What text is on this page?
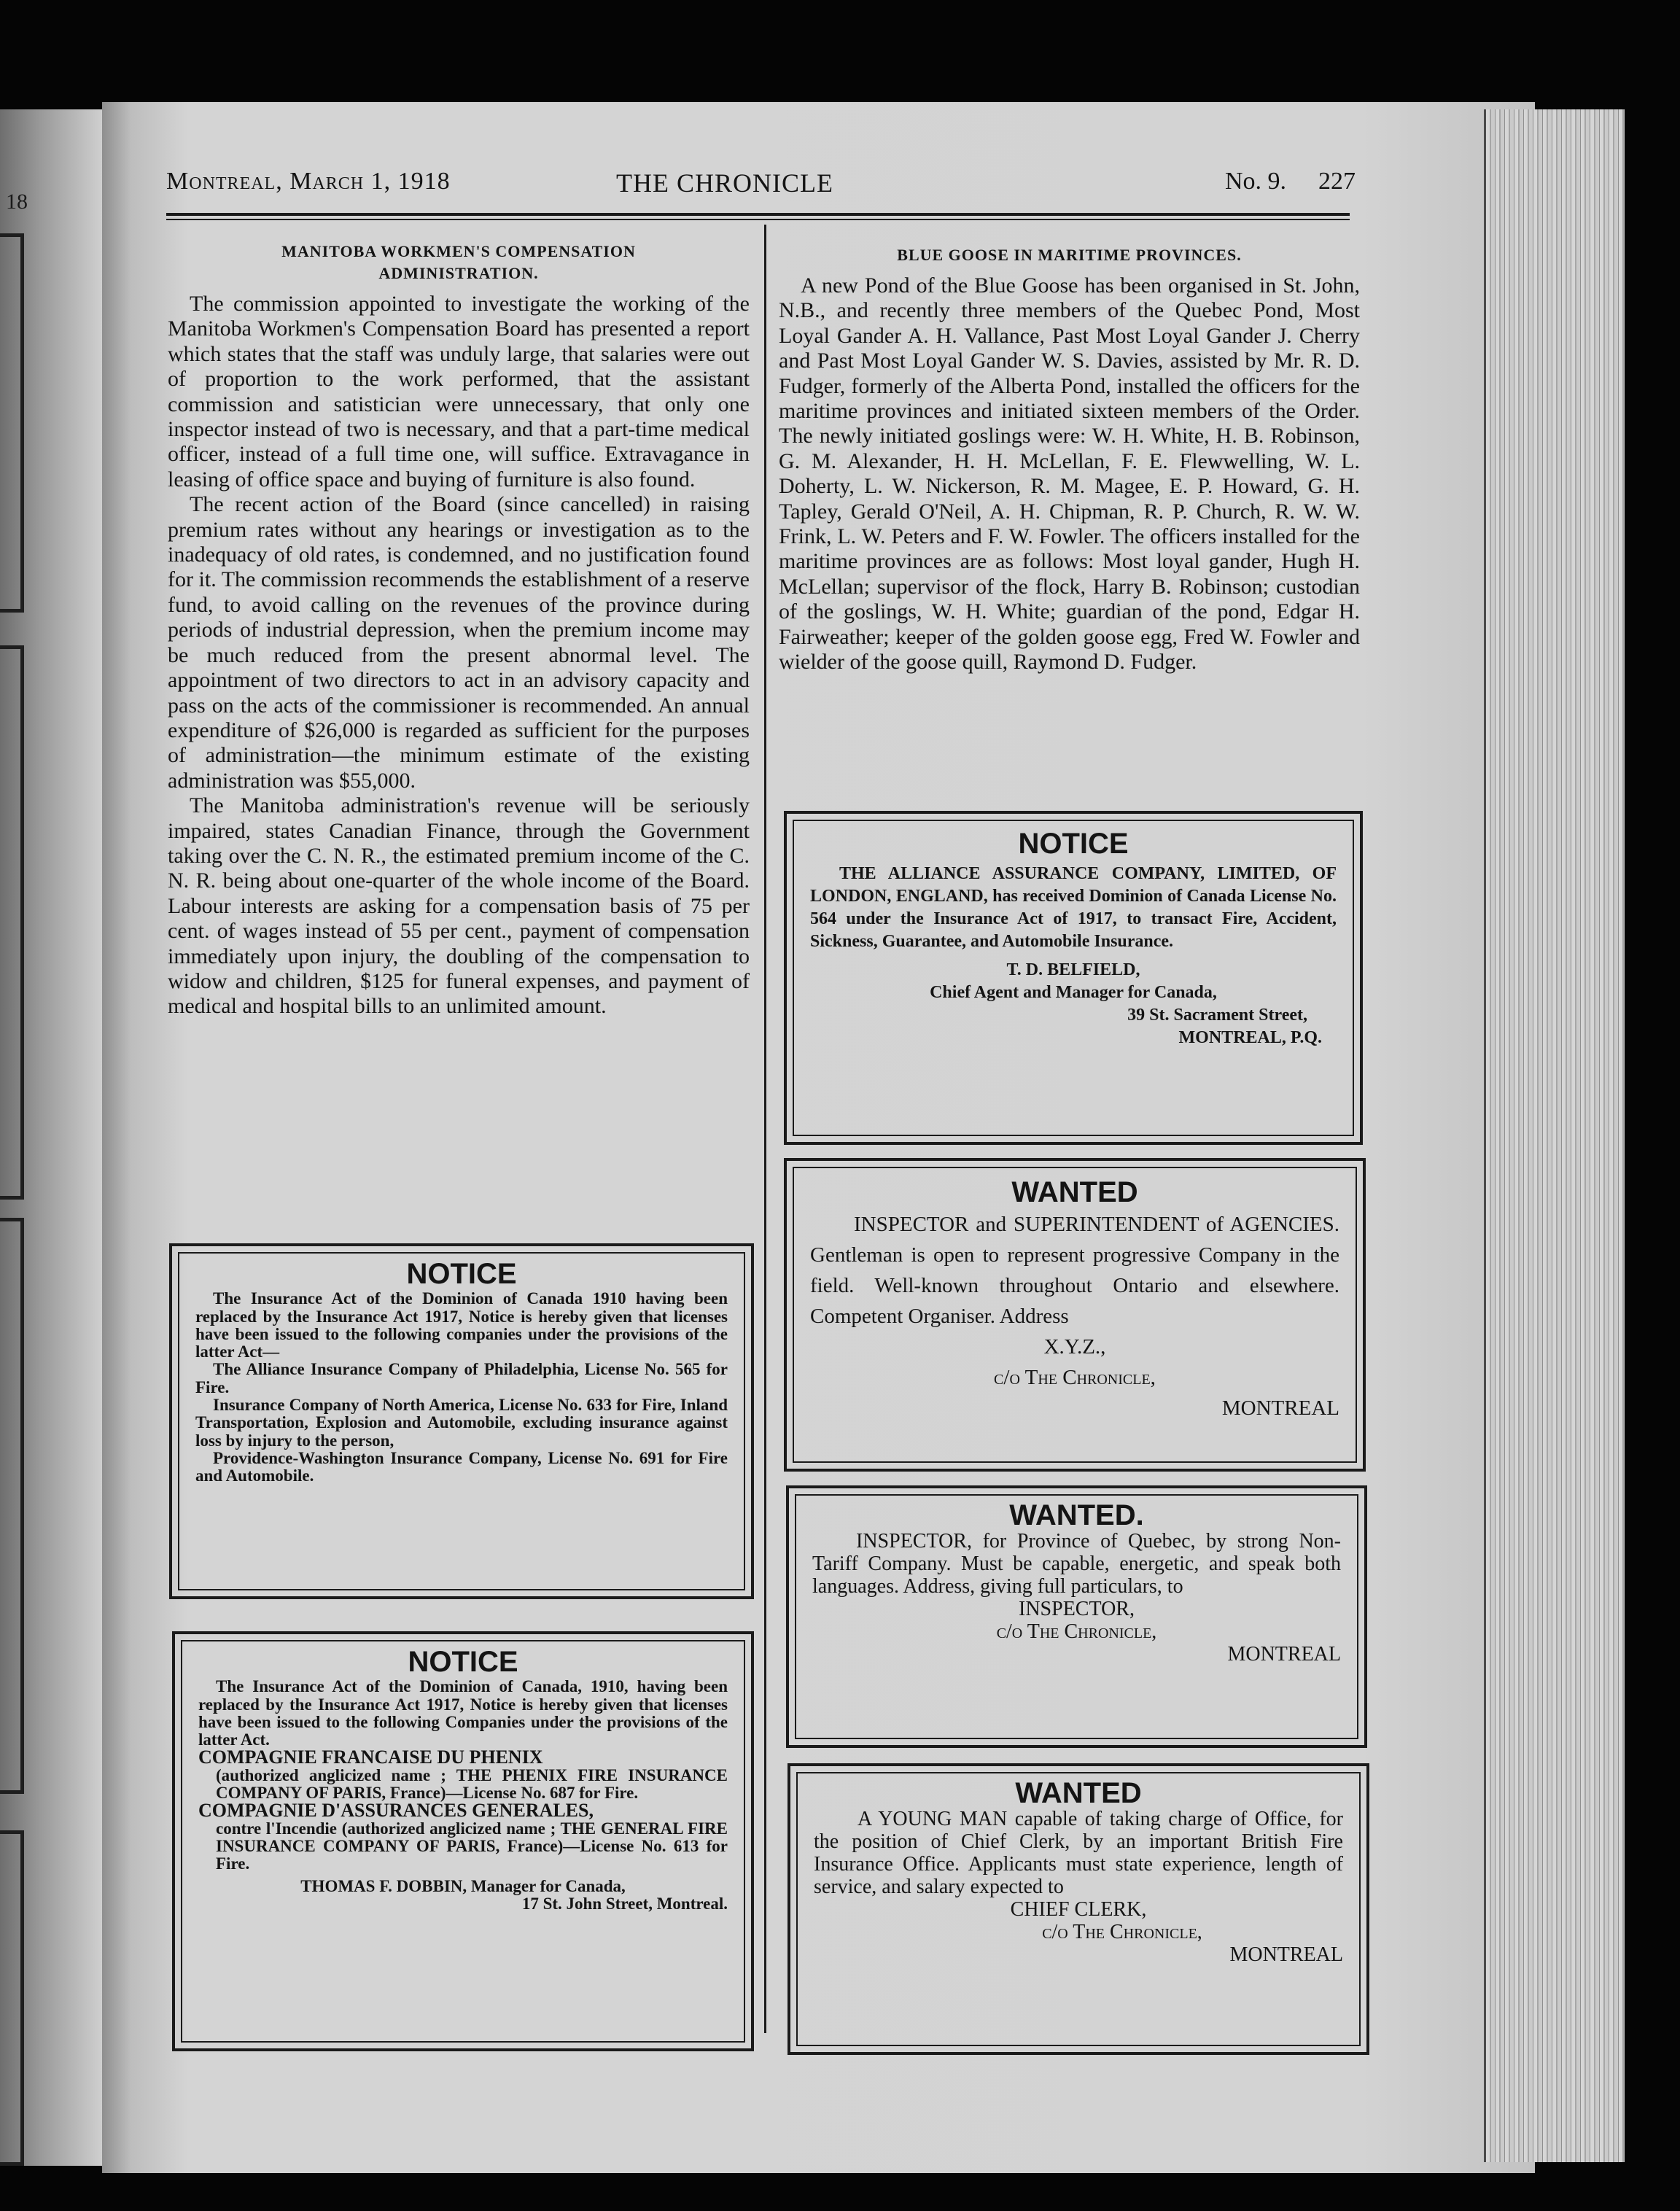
18
Montreal, March 1, 1918	THE CHRONICLE	No. 9. 227
MANITOBA WORKMEN'S COMPENSATION ADMINISTRATION.

The commission appointed to investigate the working of the Manitoba Workmen's Compensation Board has presented a report which states that the staff was unduly large, that salaries were out of proportion to the work performed, that the assistant commission and satistician were unnecessary, that only one inspector instead of two is necessary, and that a part-time medical officer, instead of a full time one, will suffice. Extravagance in leasing of office space and buying of furniture is also found.

The recent action of the Board (since cancelled) in raising premium rates without any hearings or investigation as to the inadequacy of old rates, is condemned, and no justification found for it. The commission recommends the establishment of a reserve fund, to avoid calling on the revenues of the province during periods of industrial depression, when the premium income may be much reduced from the present abnormal level. The appointment of two directors to act in an advisory capacity and pass on the acts of the commissioner is recommended. An annual expenditure of $26,000 is regarded as sufficient for the purposes of administration—the minimum estimate of the existing administration was $55,000.

The Manitoba administration's revenue will be seriously impaired, states Canadian Finance, through the Government taking over the C. N. R., the estimated premium income of the C. N. R. being about one-quarter of the whole income of the Board. Labour interests are asking for a compensation basis of 75 per cent. of wages instead of 55 per cent., payment of compensation immediately upon injury, the doubling of the compensation to widow and children, $125 for funeral expenses, and payment of medical and hospital bills to an unlimited amount.

NOTICE

The Insurance Act of the Dominion of Canada 1910 having been replaced by the Insurance Act 1917, Notice is hereby given that licenses have been issued to the following companies under the provisions of the latter Act—

The Alliance Insurance Company of Philadelphia, License No. 565 for Fire.

Insurance Company of North America, License No. 633 for Fire, Inland Transportation, Explosion and Automobile, excluding insurance against loss by injury to the person,

Providence-Washington Insurance Company, License No. 691 for Fire and Automobile.

NOTICE

The Insurance Act of the Dominion of Canada, 1910, having been replaced by the Insurance Act 1917, Notice is hereby given that licenses have been issued to the following Companies under the provisions of the latter Act.

COMPAGNIE FRANCAISE DU PHENIX

(authorized anglicized name ; THE PHENIX FIRE INSURANCE COMPANY OF PARIS, France)—License No. 687 for Fire.

COMPAGNIE D'ASSURANCES GENERALES,

contre l'Incendie (authorized anglicized name ; THE GENERAL FIRE INSURANCE COMPANY OF PARIS, France)—License No. 613 for Fire.

THOMAS F. DOBBIN, Manager for Canada,

17 St. John Street, Montreal.

BLUE GOOSE IN MARITIME PROVINCES.

A new Pond of the Blue Goose has been organised in St. John, N.B., and recently three members of the Quebec Pond, Most Loyal Gander A. H. Vallance, Past Most Loyal Gander J. Cherry and Past Most Loyal Gander W. S. Davies, assisted by Mr. R. D. Fudger, formerly of the Alberta Pond, installed the officers for the maritime provinces and initiated sixteen members of the Order. The newly initiated goslings were: W. H. White, H. B. Robinson, G. M. Alexander, H. H. McLellan, F. E. Flewwelling, W. L. Doherty, L. W. Nickerson, R. M. Magee, E. P. Howard, G. H. Tapley, Gerald O'Neil, A. H. Chipman, R. P. Church, R. W. W. Frink, L. W. Peters and F. W. Fowler. The officers installed for the maritime provinces are as follows: Most loyal gander, Hugh H. McLellan; supervisor of the flock, Harry B. Robinson; custodian of the goslings, W. H. White; guardian of the pond, Edgar H. Fairweather; keeper of the golden goose egg, Fred W. Fowler and wielder of the goose quill, Raymond D. Fudger.

NOTICE

THE ALLIANCE ASSURANCE COMPANY, LIMITED, OF LONDON, ENGLAND, has received Dominion of Canada License No. 564 under the Insurance Act of 1917, to transact Fire, Accident, Sickness, Guarantee, and Automobile Insurance.

T. D. BELFIELD,

Chief Agent and Manager for Canada,

39 St. Sacrament Street,

MONTREAL, P.Q.

WANTED

INSPECTOR and SUPERINTENDENT of AGENCIES. Gentleman is open to represent progressive Company in the field. Well-known throughout Ontario and elsewhere. Competent Organiser. Address

X.Y.Z.,

c/o The Chronicle,

MONTREAL

WANTED.

INSPECTOR, for Province of Quebec, by strong Non-Tariff Company. Must be capable, energetic, and speak both languages. Address, giving full particulars, to

INSPECTOR,

c/o The Chronicle,

MONTREAL

WANTED

A YOUNG MAN capable of taking charge of Office, for the position of Chief Clerk, by an important British Fire Insurance Office. Applicants must state experience, length of service, and salary expected to

CHIEF CLERK,

c/o The Chronicle,

MONTREAL
